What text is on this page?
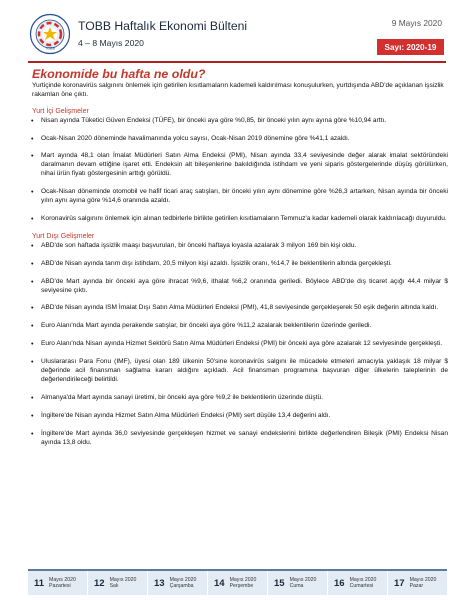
TOBB
TOBB Haftalık Ekonomi Bülteni
4 – 8 Mayıs 2020
9 Mayıs 2020
Sayı: 2020-19
Ekonomide bu hafta ne oldu?

Yurtiçinde koronavirüs salgınını önlemek için getirilen kısıtlamaların kademeli kaldırılması konuşulurken, yurtdışında ABD'de açıklanan işsizlik rakamları öne çıktı.

Yurt İçi Gelişmeler
• Nisan ayında Tüketici Güven Endeksi (TÜFE), bir önceki aya göre %0,85, bir önceki yılın aynı ayına göre %10,94 arttı.
• Ocak-Nisan 2020 döneminde havalimanında yolcu sayısı, Ocak-Nisan 2019 dönemine göre %41,1 azaldı.
• Mart ayında 48,1 olan İmalat Müdürleri Satın Alma Endeksi (PMI), Nisan ayında 33,4 seviyesinde değer alarak imalat sektöründeki daralmanın devam ettiğine işaret etti. Endeksin alt bileşenlerine bakıldığında istihdam ve yeni siparis göstergelerinde düşüş görülürken, nihai ürün fiyatı göstergesinin arttığı görüldü.
• Ocak-Nisan döneminde otomobil ve hafif ticari araç satışları, bir önceki yılın aynı dönemine göre %26,3 artarken, Nisan ayında bir önceki yılın aynı ayına göre %14,6 oranında azaldı.
• Koronavirüs salgınını önlemek için alınan tedbirlerle birlikte getirilen kısıtlamaların Temmuz'a kadar kademeli olarak kaldırılacağı duyuruldu.
Yurt Dışı Gelişmeler
• ABD'de son haftada işsizlik maaşı başvuruları, bir önceki haftaya kıyasla azalarak 3 milyon 169 bin kişi oldu.
• ABD'de Nisan ayında tarım dışı istihdam, 20,5 milyon kişi azaldı. İşsizlik oranı, %14,7 ile beklentilerin altında gerçekleşti.
• ABD'de Mart ayında bir önceki aya göre ihracat %9,6, ithalat %6,2 oranında geriledi. Böylece ABD'de dış ticaret açığı 44,4 milyar $ seviyesine çıktı.
• ABD'de Nisan ayında ISM İmalat Dışı Satın Alma Müdürleri Endeksi (PMI), 41,8 seviyesinde gerçekleşerek 50 eşik değerin altında kaldı.
• Euro Alanı'nda Mart ayında perakende satışlar, bir önceki aya göre %11,2 azalarak beklentilerin üzerinde geriledi.
• Euro Alanı'nda Nisan ayında Hizmet Sektörü Satın Alma Müdürleri Endeksi (PMI) bir önceki aya göre azalarak 12 seviyesinde gerçekleşti.
• Uluslararası Para Fonu (IMF), üyesi olan 189 ülkenin 50'sine koronavirüs salgını ile mücadele etmeleri amacıyla yaklaşık 18 milyar $ değerinde acil finansman sağlama kararı aldığını açıkladı. Acil finansman programına başvuran diğer ülkelerin taleplerinin de değerlendirileceği belirtildi.
• Almanya'da Mart ayında sanayi üretimi, bir önceki aya göre %9,2 ile beklentilerin üzerinde düştü.
• İngiltere'de Nisan ayında Hizmet Satın Alma Müdürleri Endeksi (PMI) sert düşüle 13,4 değerini aldı.
• İngiltere'de Mart ayında 36,0 seviyesinde gerçekleşen hizmet ve sanayi endekslerini birlikte değerlendiren Bileşik (PMI) Endeksi Nisan ayında 13,8 oldu.
11 Mayıs 2020
Pazartesi	12 Mayıs 2020
Salı	13 Mayıs 2020
Çarşamba	14 Mayıs 2020
Perşembe	15 Mayıs 2020
Cuma	16 Mayıs 2020
Cumartesi	17 Mayıs 2020
Pazar
